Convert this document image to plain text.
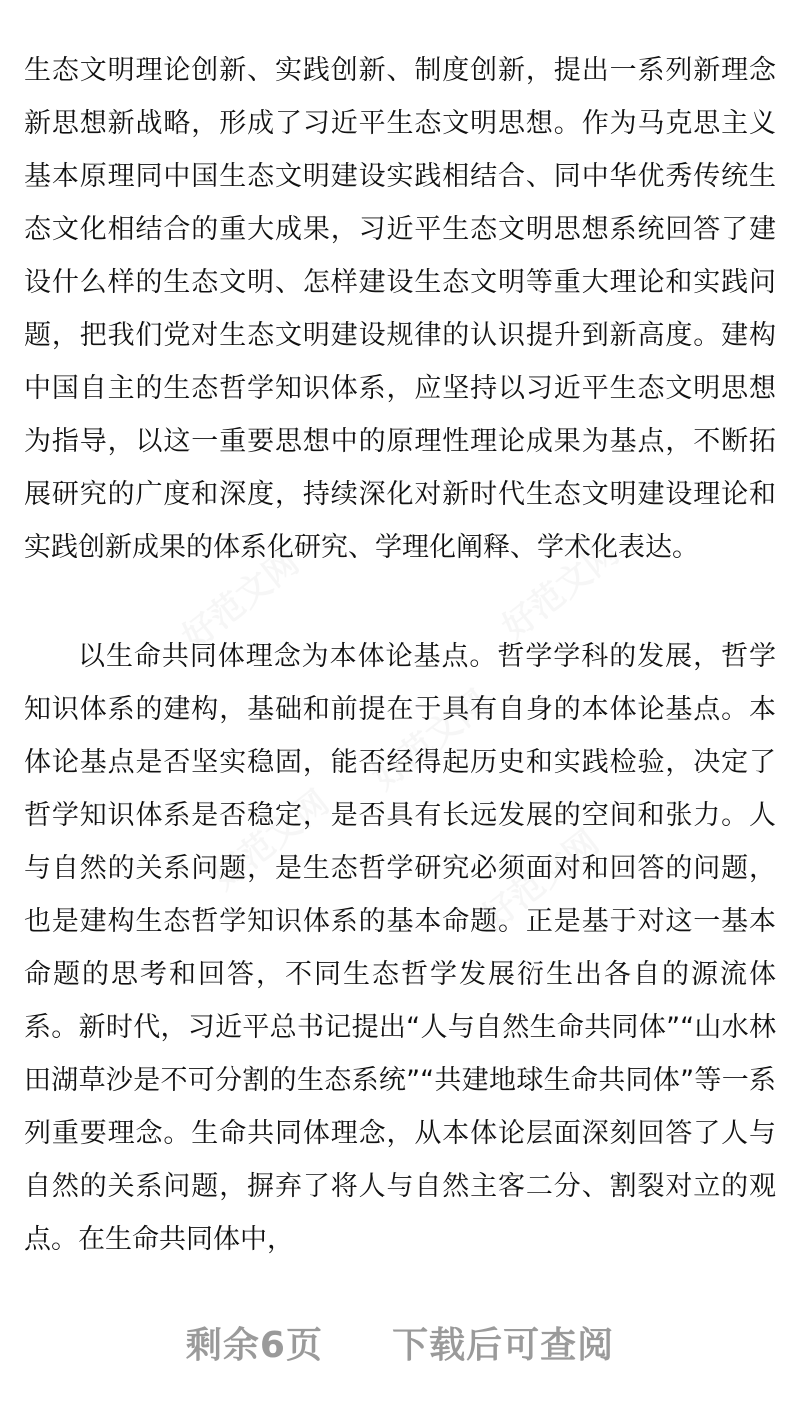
生态文明理论创新、实践创新、制度创新，提出一系列新理念新思想新战略，形成了习近平生态文明思想。作为马克思主义基本原理同中国生态文明建设实践相结合、同中华优秀传统生态文化相结合的重大成果，习近平生态文明思想系统回答了建设什么样的生态文明、怎样建设生态文明等重大理论和实践问题，把我们党对生态文明建设规律的认识提升到新高度。建构中国自主的生态哲学知识体系，应坚持以习近平生态文明思想为指导，以这一重要思想中的原理性理论成果为基点，不断拓展研究的广度和深度，持续深化对新时代生态文明建设理论和实践创新成果的体系化研究、学理化阐释、学术化表达。

以生命共同体理念为本体论基点。哲学学科的发展，哲学知识体系的建构，基础和前提在于具有自身的本体论基点。本体论基点是否坚实稳固，能否经得起历史和实践检验，决定了哲学知识体系是否稳定，是否具有长远发展的空间和张力。人与自然的关系问题，是生态哲学研究必须面对和回答的问题，也是建构生态哲学知识体系的基本命题。正是基于对这一基本命题的思考和回答，不同生态哲学发展衍生出各自的源流体系。新时代，习近平总书记提出“人与自然生命共同体”“山水林田湖草沙是不可分割的生态系统”“共建地球生命共同体”等一系列重要理念。生命共同体理念，从本体论层面深刻回答了人与自然的关系问题，摒弃了将人与自然主客二分、割裂对立的观点。在生命共同体中，

剩余6页 下载后可查阅
